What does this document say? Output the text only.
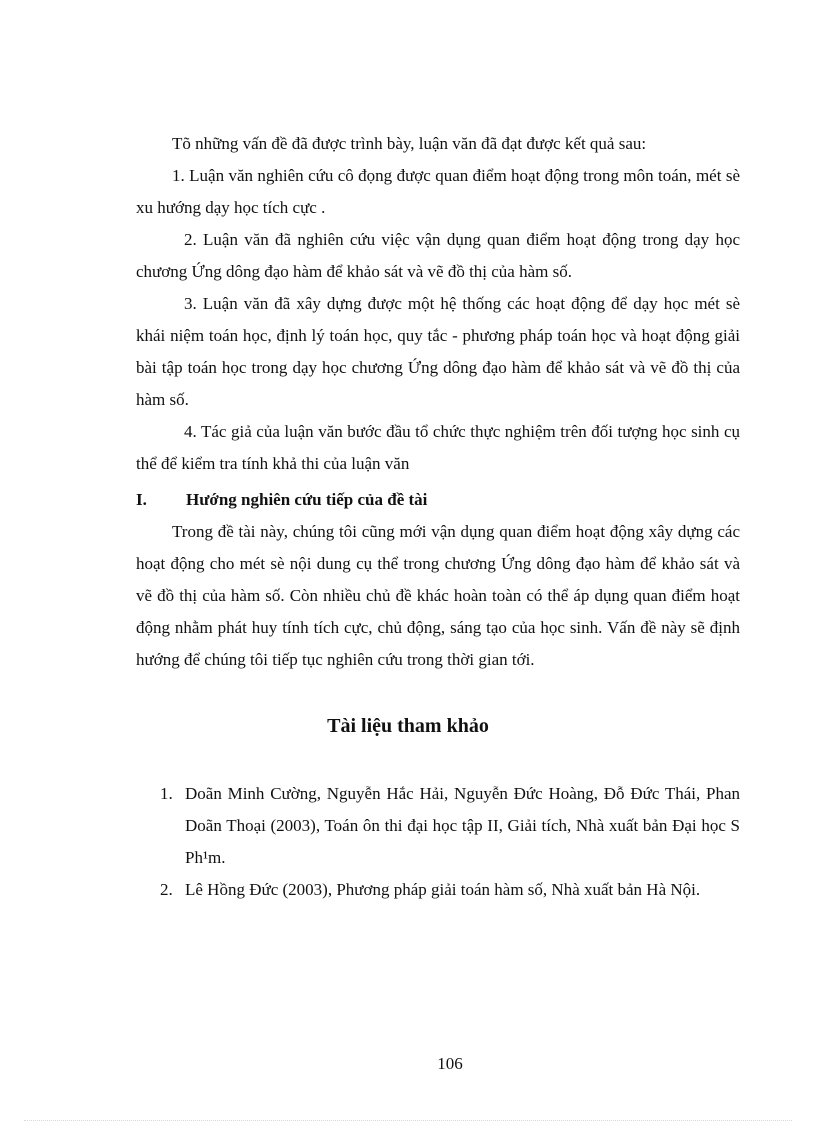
Tõ những vấn đề đã được trình bày, luận văn đã đạt được kết quả sau:

1. Luận văn nghiên cứu cô đọng được quan điểm hoạt động trong môn toán, mét sè xu hướng dạy học tích cực .

2. Luận văn đã nghiên cứu việc vận dụng quan điểm hoạt động trong dạy học chương Ứng dông đạo hàm để khảo sát và vẽ đồ thị của hàm số.

3. Luận văn đã xây dựng được một hệ thống các hoạt động để dạy học mét sè khái niệm toán học, định lý toán học, quy tắc - phương pháp toán học và hoạt động giải bài tập toán học trong dạy học chương Ứng dông đạo hàm để khảo sát và vẽ đồ thị của hàm số.

4. Tác giả của luận văn bước đầu tổ chức thực nghiệm trên đối tượng học sinh cụ thể để kiểm tra tính khả thi của luận văn

I. Hướng nghiên cứu tiếp của đề tài

Trong đề tài này, chúng tôi cũng mới vận dụng quan điểm hoạt động xây dựng các hoạt động cho mét sè nội dung cụ thể trong chương Ứng dông đạo hàm để khảo sát và vẽ đồ thị của hàm số. Còn nhiều chủ đề khác hoàn toàn có thể áp dụng quan điểm hoạt động nhằm phát huy tính tích cực, chủ động, sáng tạo của học sinh. Vấn đề này sẽ định hướng để chúng tôi tiếp tục nghiên cứu trong thời gian tới.

Tài liệu tham khảo
1. Doãn Minh Cường, Nguyễn Hắc Hải, Nguyễn Đức Hoàng, Đỗ Đức Thái, Phan Doãn Thoại (2003), Toán ôn thi đại học tập II, Giải tích, Nhà xuất bản Đại học S Ph¹m.
2. Lê Hồng Đức (2003), Phương pháp giải toán hàm số, Nhà xuất bản Hà Nội.
106
